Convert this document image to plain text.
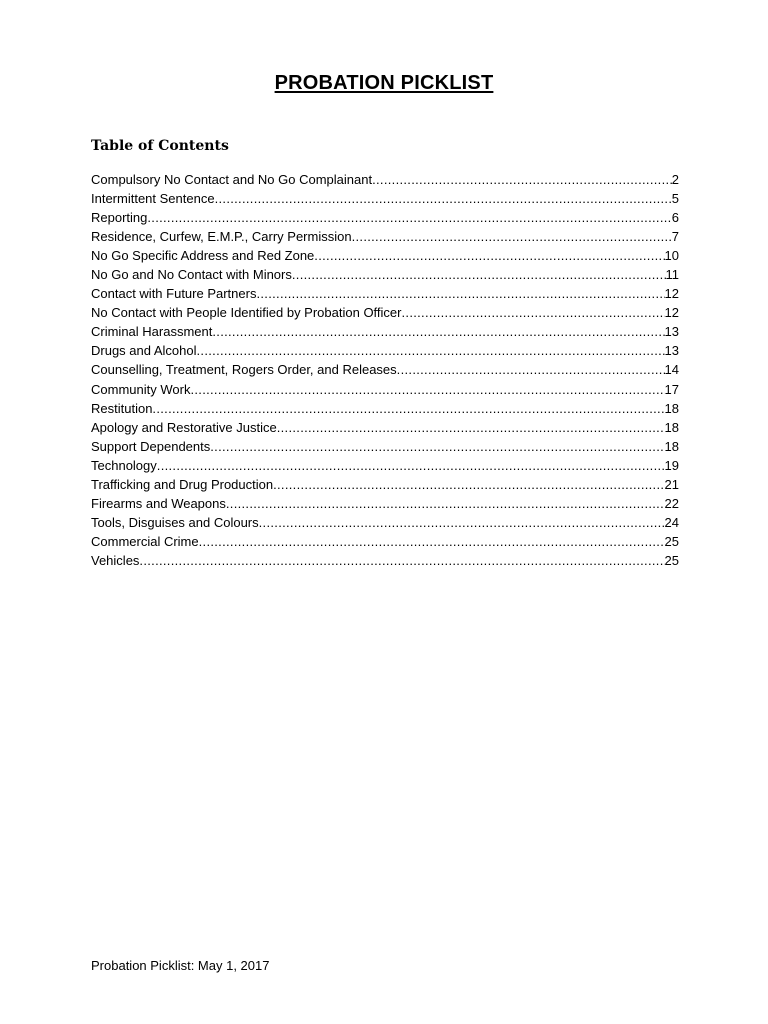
PROBATION PICKLIST
Table of Contents
Compulsory No Contact and No Go Complainant .....	2
Intermittent Sentence .....	5
Reporting .....	6
Residence, Curfew, E.M.P., Carry Permission .....	7
No Go Specific Address and Red Zone .....	10
No Go and No Contact with Minors .....	11
Contact with Future Partners .....	12
No Contact with People Identified by Probation Officer .....	12
Criminal Harassment .....	13
Drugs and Alcohol .....	13
Counselling, Treatment, Rogers Order, and Releases .....	14
Community Work .....	17
Restitution .....	18
Apology and Restorative Justice .....	18
Support Dependents .....	18
Technology .....	19
Trafficking and Drug Production .....	21
Firearms and Weapons .....	22
Tools, Disguises and Colours .....	24
Commercial Crime .....	25
Vehicles .....	25
Probation Picklist: May 1, 2017
